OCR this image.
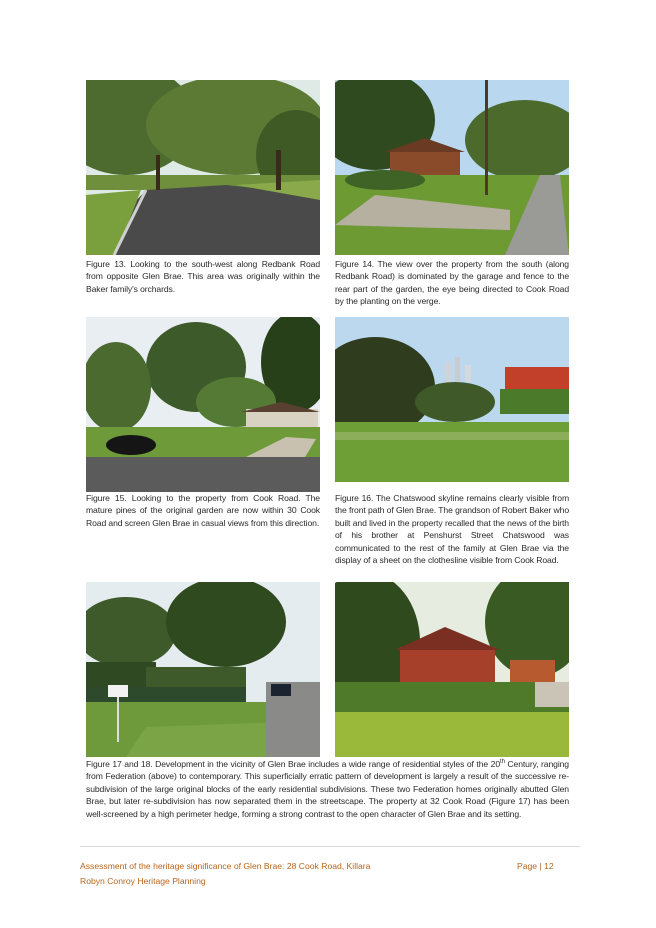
Figure 13. Looking to the south-west along Redbank Road from opposite Glen Brae. This area was originally within the Baker family's orchards.

Figure 14. The view over the property from the south (along Redbank Road) is dominated by the garage and fence to the rear part of the garden, the eye being directed to Cook Road by the planting on the verge.

Figure 15. Looking to the property from Cook Road. The mature pines of the original garden are now within 30 Cook Road and screen Glen Brae in casual views from this direction.

Figure 16. The Chatswood skyline remains clearly visible from the front path of Glen Brae. The grandson of Robert Baker who built and lived in the property recalled that the news of the birth of his brother at Penshurst Street Chatswood was communicated to the rest of the family at Glen Brae via the display of a sheet on the clothesline visible from Cook Road.

Figure 17 and 18. Development in the vicinity of Glen Brae includes a wide range of residential styles of the 20th Century, ranging from Federation (above) to contemporary. This superficially erratic pattern of development is largely a result of the successive re-subdivision of the large original blocks of the early residential subdivisions. These two Federation homes originally abutted Glen Brae, but later re-subdivision has now separated them in the streetscape. The property at 32 Cook Road (Figure 17) has been well-screened by a high perimeter hedge, forming a strong contrast to the open character of Glen Brae and its setting.

Assessment of the heritage significance of Glen Brae: 28 Cook Road, Killara
Robyn Conroy Heritage Planning
Page | 12
